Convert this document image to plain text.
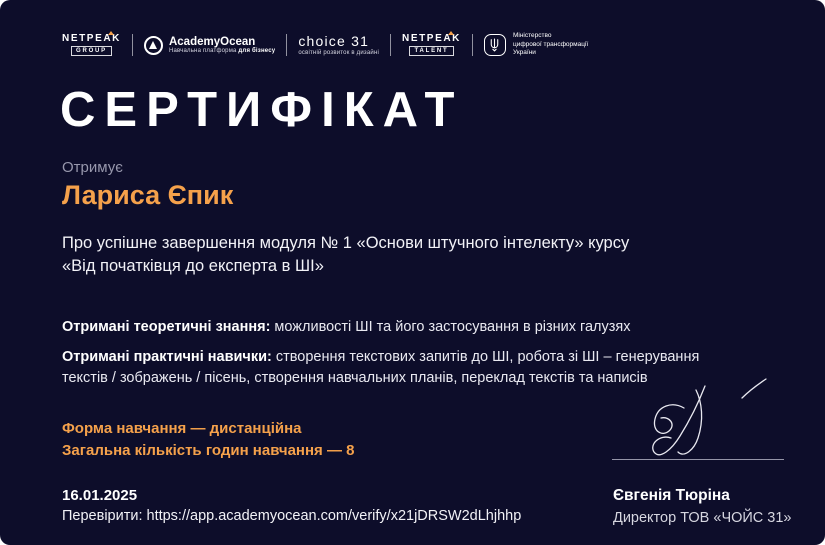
NETPEAK
GROUP
AcademyOcean
Навчальна платформа для бізнесу
choice 31
освітній розвиток в дизайні
NETPEAK
TALENT
Міністерство
цифрової трансформації
України
СЕРТИФІКАТ
Отримує
Лариса Єпик
Про успішне завершення модуля № 1 «Основи штучного інтелекту» курсу «Від початківця до експерта в ШІ»
Отримані теоретичні знання: можливості ШІ та його застосування в різних галузях
Отримані практичні навички: створення текстових запитів до ШІ, робота зі ШІ – генерування текстів / зображень / пісень, створення навчальних планів, переклад текстів та написів
Форма навчання — дистанційна
Загальна кількість годин навчання — 8
16.01.2025
Перевірити: https://app.academyocean.com/verify/x21jDRSW2dLhjhhp
Євгенія Тюріна
Директор ТОВ «ЧОЙС 31»
